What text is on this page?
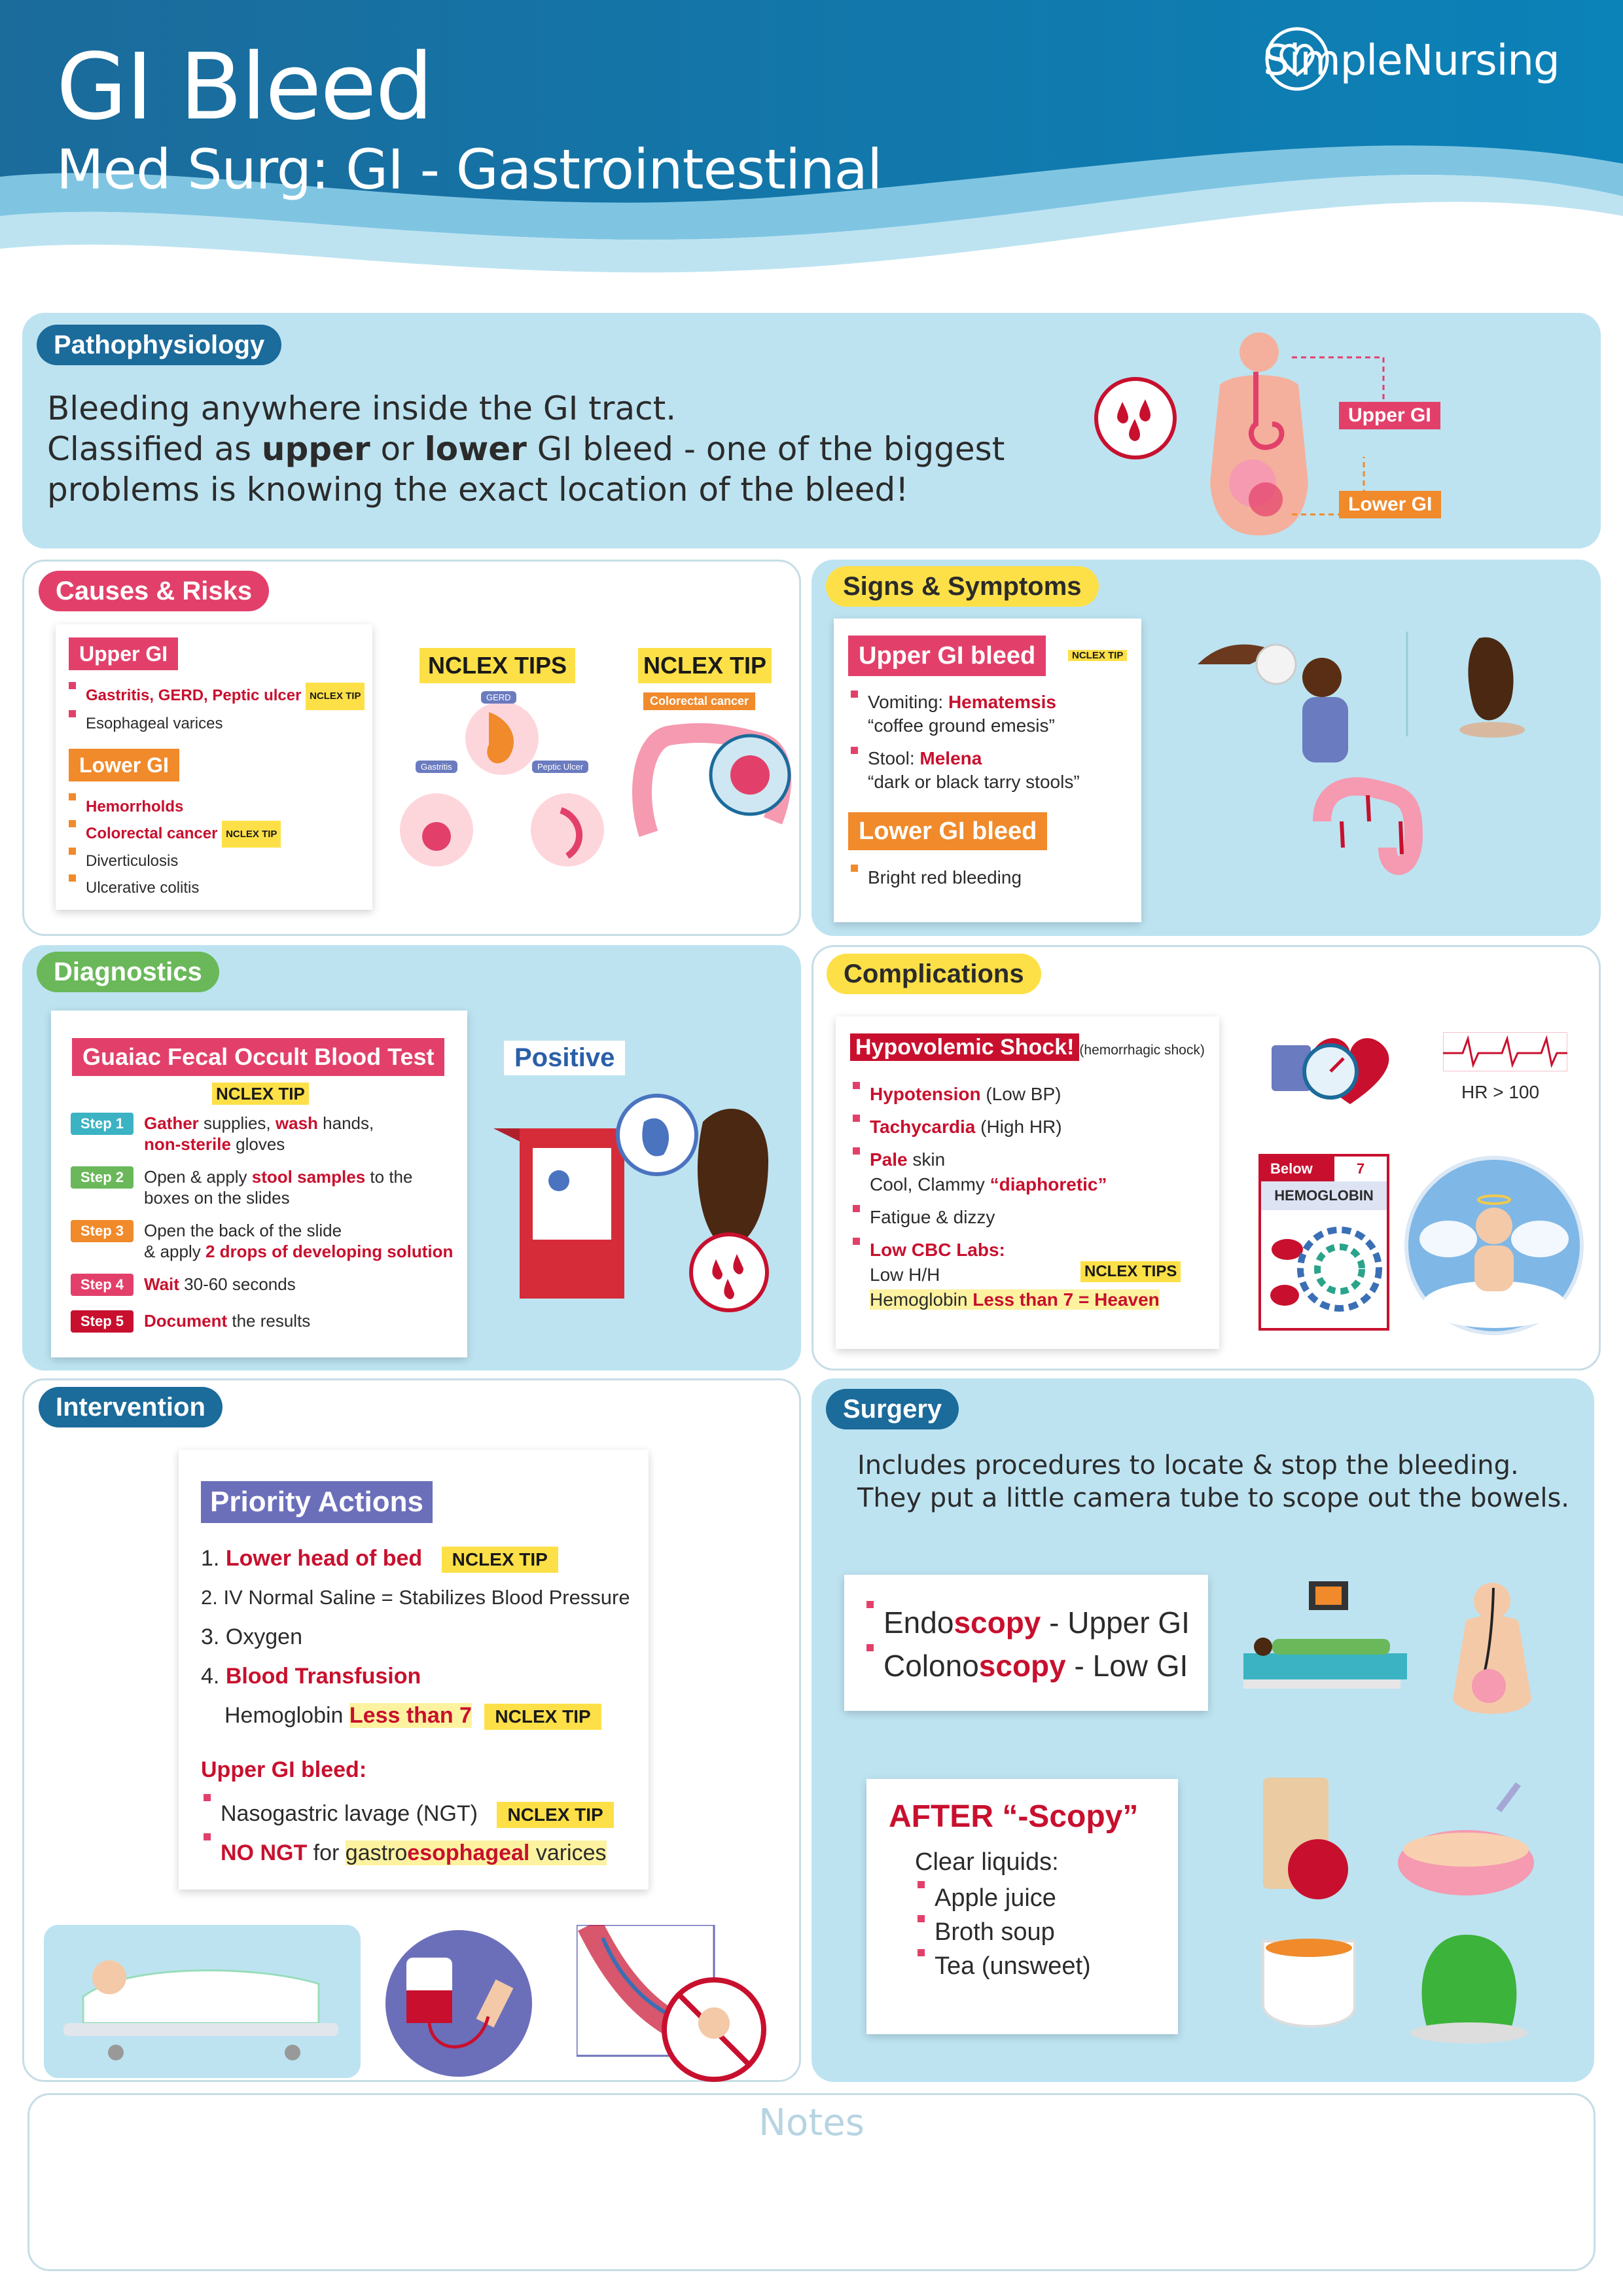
GI Bleed
Med Surg: GI - Gastrointestinal
SimpleNursing
Pathophysiology
Bleeding anywhere inside the GI tract.
Classified as upper or lower GI bleed - one of the biggest
problems is knowing the exact location of the bleed!
Upper GI
Lower GI
Causes & Risks
Upper GI
Gastritis, GERD, Peptic ulcer NCLEX TIP
Esophageal varices
Lower GI
Hemorrholds
Colorectal cancer NCLEX TIP
Diverticulosis
Ulcerative colitis
NCLEX TIPS	NCLEX TIP
GERD
Gastritis	Peptic Ulcer
Colorectal cancer
Signs & Symptoms
Upper GI bleed	NCLEX TIP
Vomiting: Hematemsis
“coffee ground emesis”
Stool: Melena
“dark or black tarry stools”
Lower GI bleed
Bright red bleeding
Diagnostics
Guaiac Fecal Occult Blood Test
NCLEX TIP
Step 1	Gather supplies, wash hands,
non-sterile gloves
Step 2	Open & apply stool samples to the
boxes on the slides
Step 3	Open the back of the slide
& apply 2 drops of developing solution
Step 4	Wait 30-60 seconds
Step 5	Document the results
Positive
Complications
Hypovolemic Shock! (hemorrhagic shock)
Hypotension (Low BP)
Tachycardia (High HR)
Pale skin
Cool, Clammy “diaphoretic”
Fatigue & dizzy
Low CBC Labs:
Low H/H
Hemoglobin Less than 7 = Heaven
NCLEX TIPS
HR > 100
Below	7
HEMOGLOBIN
Intervention
Priority Actions
1. Lower head of bed NCLEX TIP
2. IV Normal Saline = Stabilizes Blood Pressure
3. Oxygen
4. Blood Transfusion
Hemoglobin Less than 7 NCLEX TIP
Upper GI bleed:
Nasogastric lavage (NGT) NCLEX TIP
NO NGT for gastroesophageal varices
Surgery
Includes procedures to locate & stop the bleeding.
They put a little camera tube to scope out the bowels.
Endoscopy - Upper GI
Colonoscopy - Low GI
AFTER “-Scopy”
Clear liquids:
Apple juice
Broth soup
Tea (unsweet)
Notes
